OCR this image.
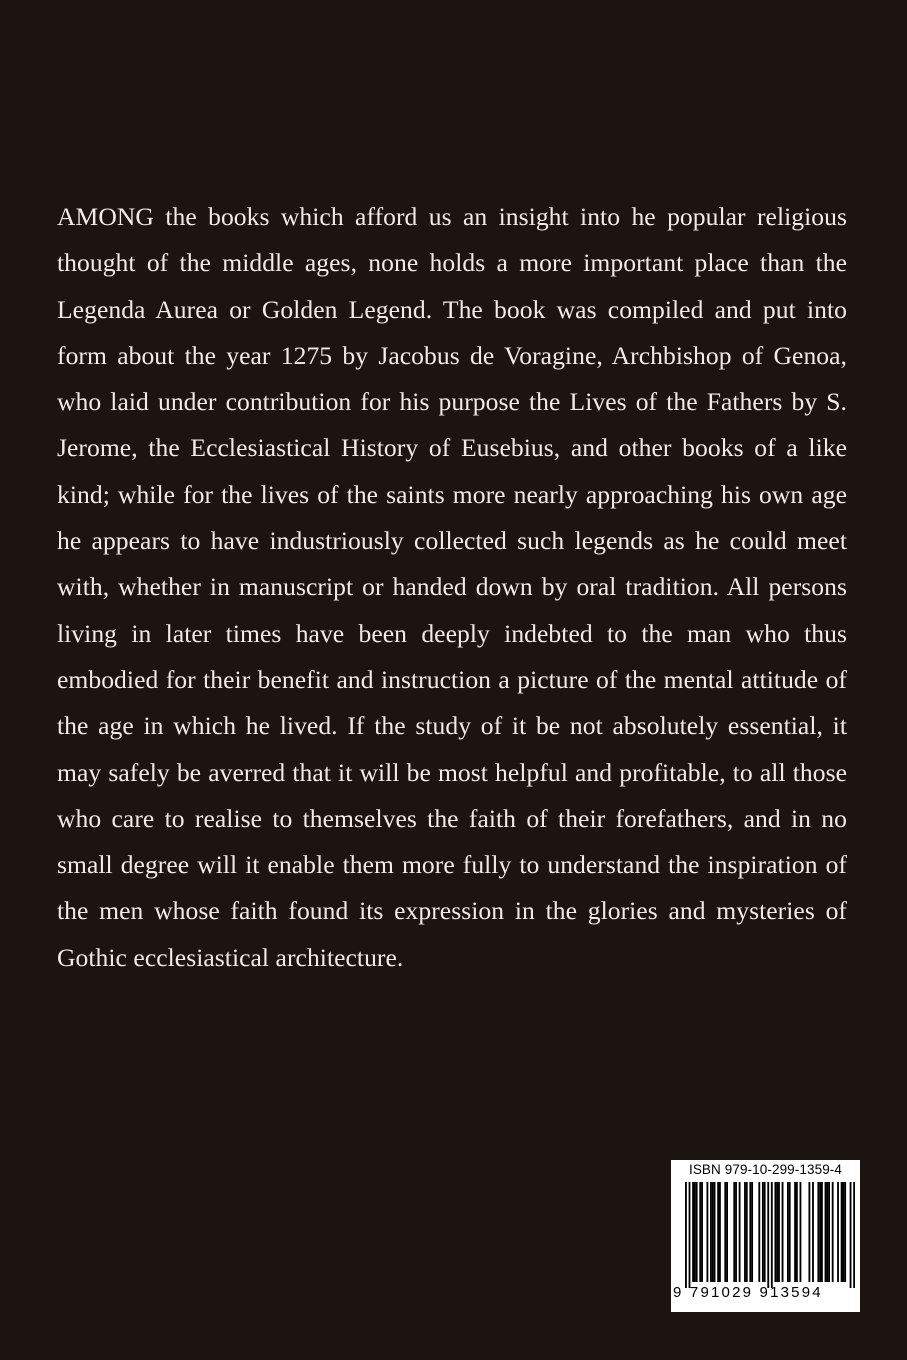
AMONG the books which afford us an insight into he popular religious thought of the middle ages, none holds a more important place than the Legenda Aurea or Golden Legend. The book was compiled and put into form about the year 1275 by Jacobus de Voragine, Archbishop of Genoa, who laid under contribution for his purpose the Lives of the Fathers by S. Jerome, the Ecclesiastical History of Eusebius, and other books of a like kind; while for the lives of the saints more nearly approaching his own age he appears to have industriously collected such legends as he could meet with, whether in manuscript or handed down by oral tradition. All persons living in later times have been deeply indebted to the man who thus embodied for their benefit and instruction a picture of the mental attitude of the age in which he lived. If the study of it be not absolutely essential, it may safely be averred that it will be most helpful and profitable, to all those who care to realise to themselves the faith of their forefathers, and in no small degree will it enable them more fully to understand the inspiration of the men whose faith found its expression in the glories and mysteries of Gothic ecclesiastical architecture.

ISBN 979-10-299-1359-4
9 791029 913594
